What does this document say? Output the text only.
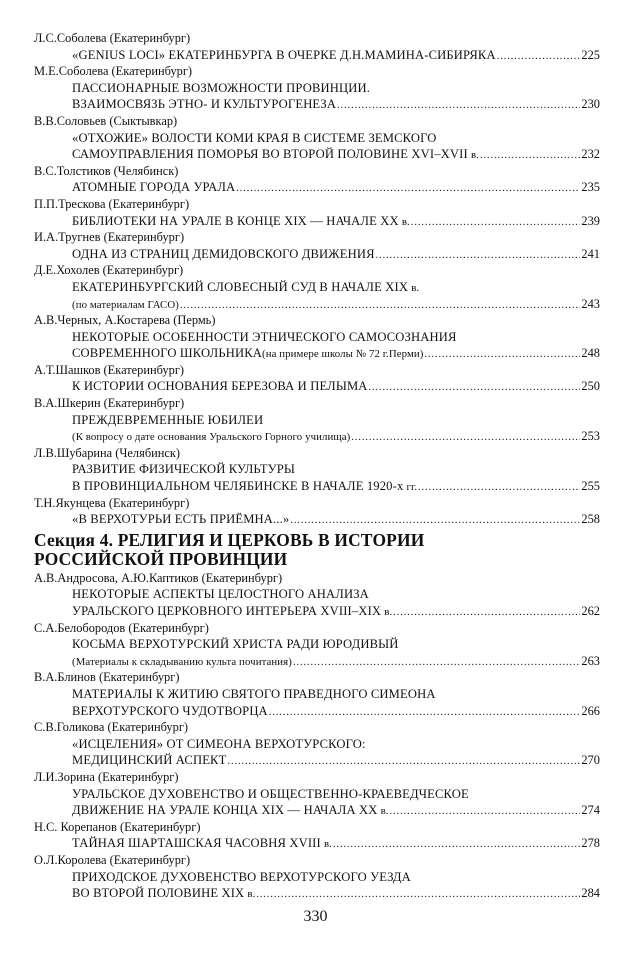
Л.С.Соболева (Екатеринбург)
«GENIUS LOCI» ЕКАТЕРИНБУРГА В ОЧЕРКЕ Д.Н.МАМИНА-СИБИРЯКА .....	225
М.Е.Соболева (Екатеринбург)
ПАССИОНАРНЫЕ ВОЗМОЖНОСТИ ПРОВИНЦИИ.
ВЗАИМОСВЯЗЬ ЭТНО- И КУЛЬТУРОГЕНЕЗА .....	230
В.В.Соловьев (Сыктывкар)
«ОТХОЖИЕ» ВОЛОСТИ КОМИ КРАЯ В СИСТЕМЕ ЗЕМСКОГО
САМОУПРАВЛЕНИЯ ПОМОРЬЯ ВО ВТОРОЙ ПОЛОВИНЕ XVI–XVII
в. .....	232
В.С.Толстиков (Челябинск)
АТОМНЫЕ ГОРОДА УРАЛА .....	235
П.П.Трескова (Екатеринбург)
БИБЛИОТЕКИ НА УРАЛЕ В КОНЦЕ XIX — НАЧАЛЕ XX
в. .....	239
И.А.Тругнев (Екатеринбург)
ОДНА ИЗ СТРАНИЦ ДЕМИДОВСКОГО ДВИЖЕНИЯ .....	241
Д.Е.Хохолев (Екатеринбург)
ЕКАТЕРИНБУРГСКИЙ СЛОВЕСНЫЙ СУД В НАЧАЛЕ XIX
в.
(по материалам ГАСО) .....	243
А.В.Черных, А.Костарева (Пермь)
НЕКОТОРЫЕ ОСОБЕННОСТИ ЭТНИЧЕСКОГО САМОСОЗНАНИЯ
СОВРЕМЕННОГО ШКОЛЬНИКА (на примере школы № 72 г.Перми) .....	248
А.Т.Шашков (Екатеринбург)
К ИСТОРИИ ОСНОВАНИЯ БЕРЕЗОВА И ПЕЛЫМА .....	250
В.А.Шкерин (Екатеринбург)
ПРЕЖДЕВРЕМЕННЫЕ ЮБИЛЕИ
(К вопросу о дате основания Уральского Горного училища) .....	253
Л.В.Шубарина (Челябинск)
РАЗВИТИЕ ФИЗИЧЕСКОЙ КУЛЬТУРЫ
В ПРОВИНЦИАЛЬНОМ ЧЕЛЯБИНСКЕ В НАЧАЛЕ 1920-х
гг. .....	255
Т.Н.Якунцева (Екатеринбург)
«В ВЕРХОТУРЬИ ЕСТЬ ПРИЁМНА...» .....	258
Секция 4. РЕЛИГИЯ И ЦЕРКОВЬ В ИСТОРИИ
РОССИЙСКОЙ ПРОВИНЦИИ
А.В.Андросова, А.Ю.Каптиков (Екатеринбург)
НЕКОТОРЫЕ АСПЕКТЫ ЦЕЛОСТНОГО АНАЛИЗА
УРАЛЬСКОГО ЦЕРКОВНОГО ИНТЕРЬЕРА XVIII–XIX
в. .....	262
С.А.Белобородов (Екатеринбург)
КОСЬМА ВЕРХОТУРСКИЙ ХРИСТА РАДИ ЮРОДИВЫЙ
(Материалы к складыванию культа почитания) .....	263
В.А.Блинов (Екатеринбург)
МАТЕРИАЛЫ К ЖИТИЮ СВЯТОГО ПРАВЕДНОГО СИМЕОНА
ВЕРХОТУРСКОГО ЧУДОТВОРЦА .....	266
С.В.Голикова (Екатеринбург)
«ИСЦЕЛЕНИЯ» ОТ СИМЕОНА ВЕРХОТУРСКОГО:
МЕДИЦИНСКИЙ АСПЕКТ .....	270
Л.И.Зорина (Екатеринбург)
УРАЛЬСКОЕ ДУХОВЕНСТВО И ОБЩЕСТВЕННО-КРАЕВЕДЧЕСКОЕ
ДВИЖЕНИЕ НА УРАЛЕ КОНЦА XIX — НАЧАЛА XX
в. .....	274
Н.С. Корепанов (Екатеринбург)
ТАЙНАЯ ШАРТАШСКАЯ ЧАСОВНЯ XVIII
в. .....	278
О.Л.Королева (Екатеринбург)
ПРИХОДСКОЕ ДУХОВЕНСТВО ВЕРХОТУРСКОГО УЕЗДА
ВО ВТОРОЙ ПОЛОВИНЕ XIX
в. .....	284
330
